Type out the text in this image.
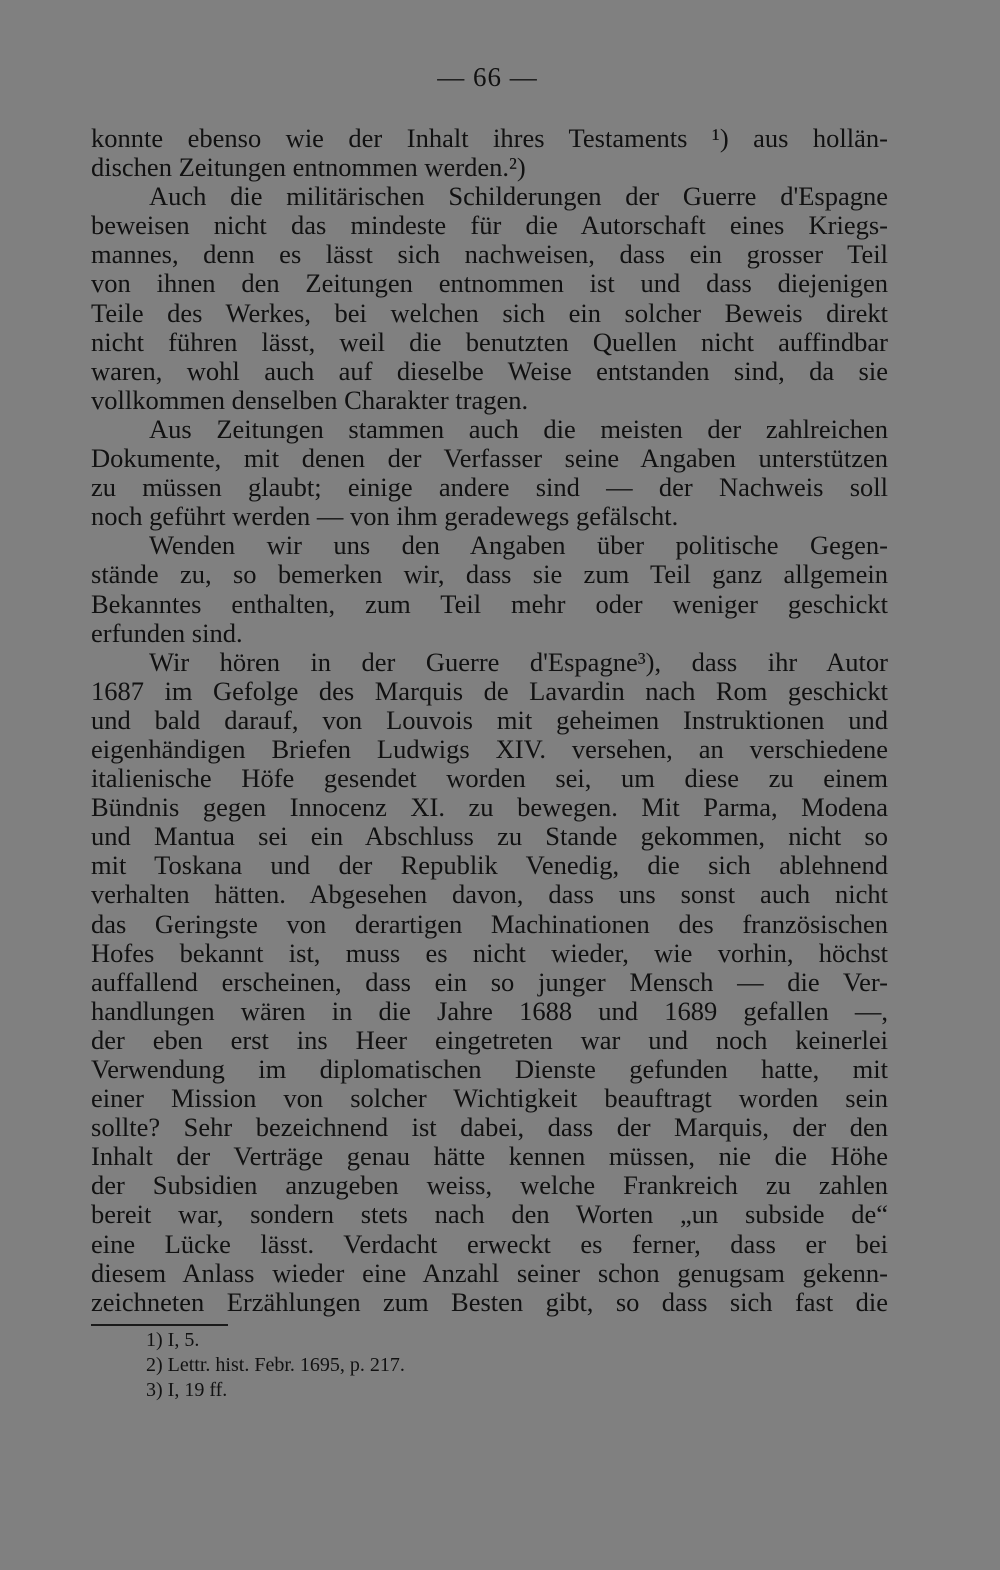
— 66 —
konnte ebenso wie der Inhalt ihres Testaments ¹) aus hollän-
dischen Zeitungen entnommen werden.²)
Auch die militärischen Schilderungen der Guerre d'Espagne
beweisen nicht das mindeste für die Autorschaft eines Kriegs-
mannes, denn es lässt sich nachweisen, dass ein grosser Teil
von ihnen den Zeitungen entnommen ist und dass diejenigen
Teile des Werkes, bei welchen sich ein solcher Beweis direkt
nicht führen lässt, weil die benutzten Quellen nicht auffindbar
waren, wohl auch auf dieselbe Weise entstanden sind, da sie
vollkommen denselben Charakter tragen.
Aus Zeitungen stammen auch die meisten der zahlreichen
Dokumente, mit denen der Verfasser seine Angaben unterstützen
zu müssen glaubt; einige andere sind — der Nachweis soll
noch geführt werden — von ihm geradewegs gefälscht.
Wenden wir uns den Angaben über politische Gegen-
stände zu, so bemerken wir, dass sie zum Teil ganz allgemein
Bekanntes enthalten, zum Teil mehr oder weniger geschickt
erfunden sind.
Wir hören in der Guerre d'Espagne³), dass ihr Autor
1687 im Gefolge des Marquis de Lavardin nach Rom geschickt
und bald darauf, von Louvois mit geheimen Instruktionen und
eigenhändigen Briefen Ludwigs XIV. versehen, an verschiedene
italienische Höfe gesendet worden sei, um diese zu einem
Bündnis gegen Innocenz XI. zu bewegen. Mit Parma, Modena
und Mantua sei ein Abschluss zu Stande gekommen, nicht so
mit Toskana und der Republik Venedig, die sich ablehnend
verhalten hätten. Abgesehen davon, dass uns sonst auch nicht
das Geringste von derartigen Machinationen des französischen
Hofes bekannt ist, muss es nicht wieder, wie vorhin, höchst
auffallend erscheinen, dass ein so junger Mensch — die Ver-
handlungen wären in die Jahre 1688 und 1689 gefallen —,
der eben erst ins Heer eingetreten war und noch keinerlei
Verwendung im diplomatischen Dienste gefunden hatte, mit
einer Mission von solcher Wichtigkeit beauftragt worden sein
sollte? Sehr bezeichnend ist dabei, dass der Marquis, der den
Inhalt der Verträge genau hätte kennen müssen, nie die Höhe
der Subsidien anzugeben weiss, welche Frankreich zu zahlen
bereit war, sondern stets nach den Worten „un subside de“
eine Lücke lässt. Verdacht erweckt es ferner, dass er bei
diesem Anlass wieder eine Anzahl seiner schon genugsam gekenn-
zeichneten Erzählungen zum Besten gibt, so dass sich fast die
1) I, 5.
2) Lettr. hist. Febr. 1695, p. 217.
3) I, 19 ff.
